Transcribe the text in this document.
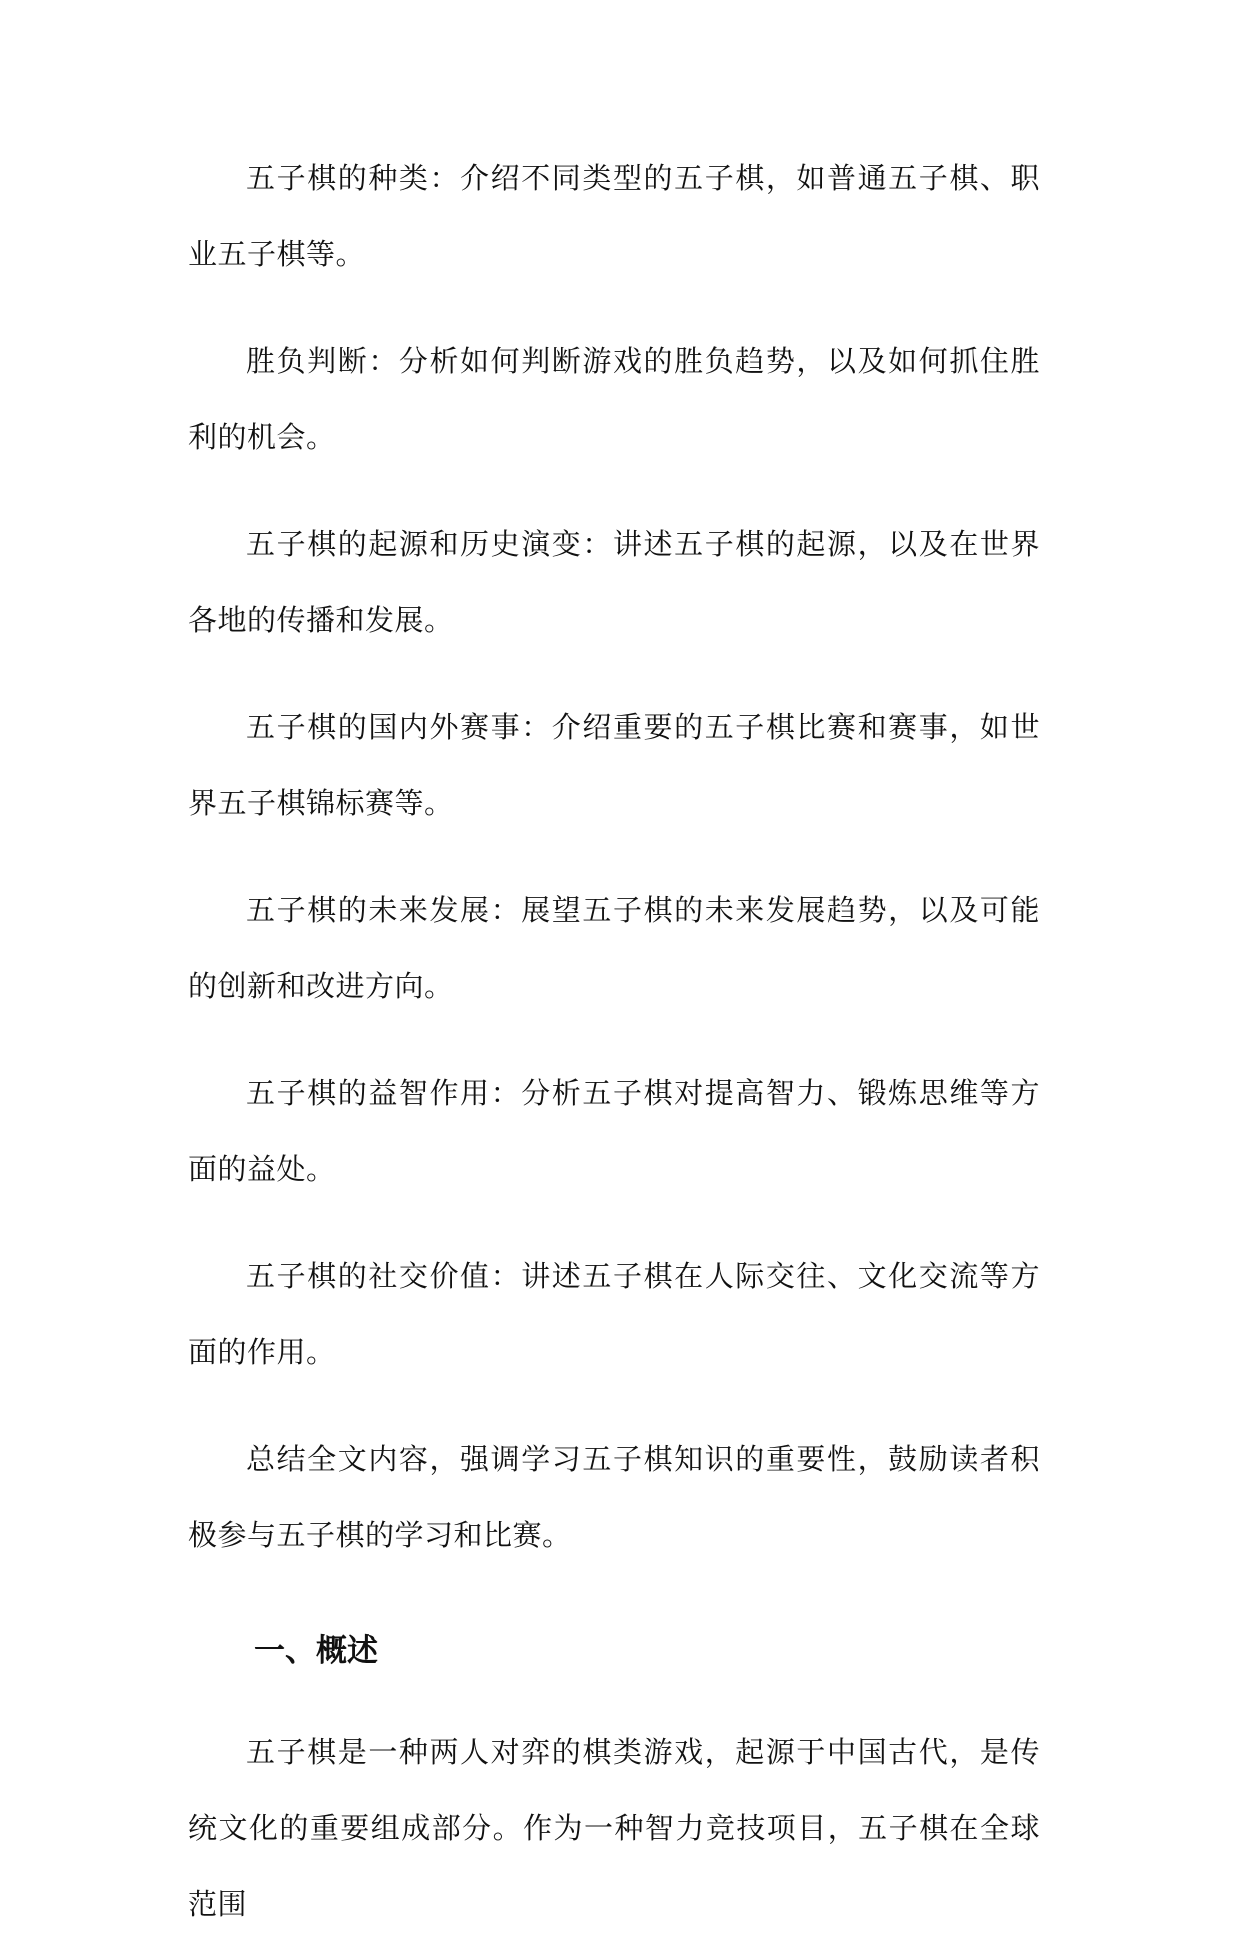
五子棋的种类：介绍不同类型的五子棋，如普通五子棋、职业五子棋等。

胜负判断：分析如何判断游戏的胜负趋势，以及如何抓住胜利的机会。

五子棋的起源和历史演变：讲述五子棋的起源，以及在世界各地的传播和发展。

五子棋的国内外赛事：介绍重要的五子棋比赛和赛事，如世界五子棋锦标赛等。

五子棋的未来发展：展望五子棋的未来发展趋势，以及可能的创新和改进方向。

五子棋的益智作用：分析五子棋对提高智力、锻炼思维等方面的益处。

五子棋的社交价值：讲述五子棋在人际交往、文化交流等方面的作用。

总结全文内容，强调学习五子棋知识的重要性，鼓励读者积极参与五子棋的学习和比赛。

一、概述

五子棋是一种两人对弈的棋类游戏，起源于中国古代，是传统文化的重要组成部分。作为一种智力竞技项目，五子棋在全球范围
